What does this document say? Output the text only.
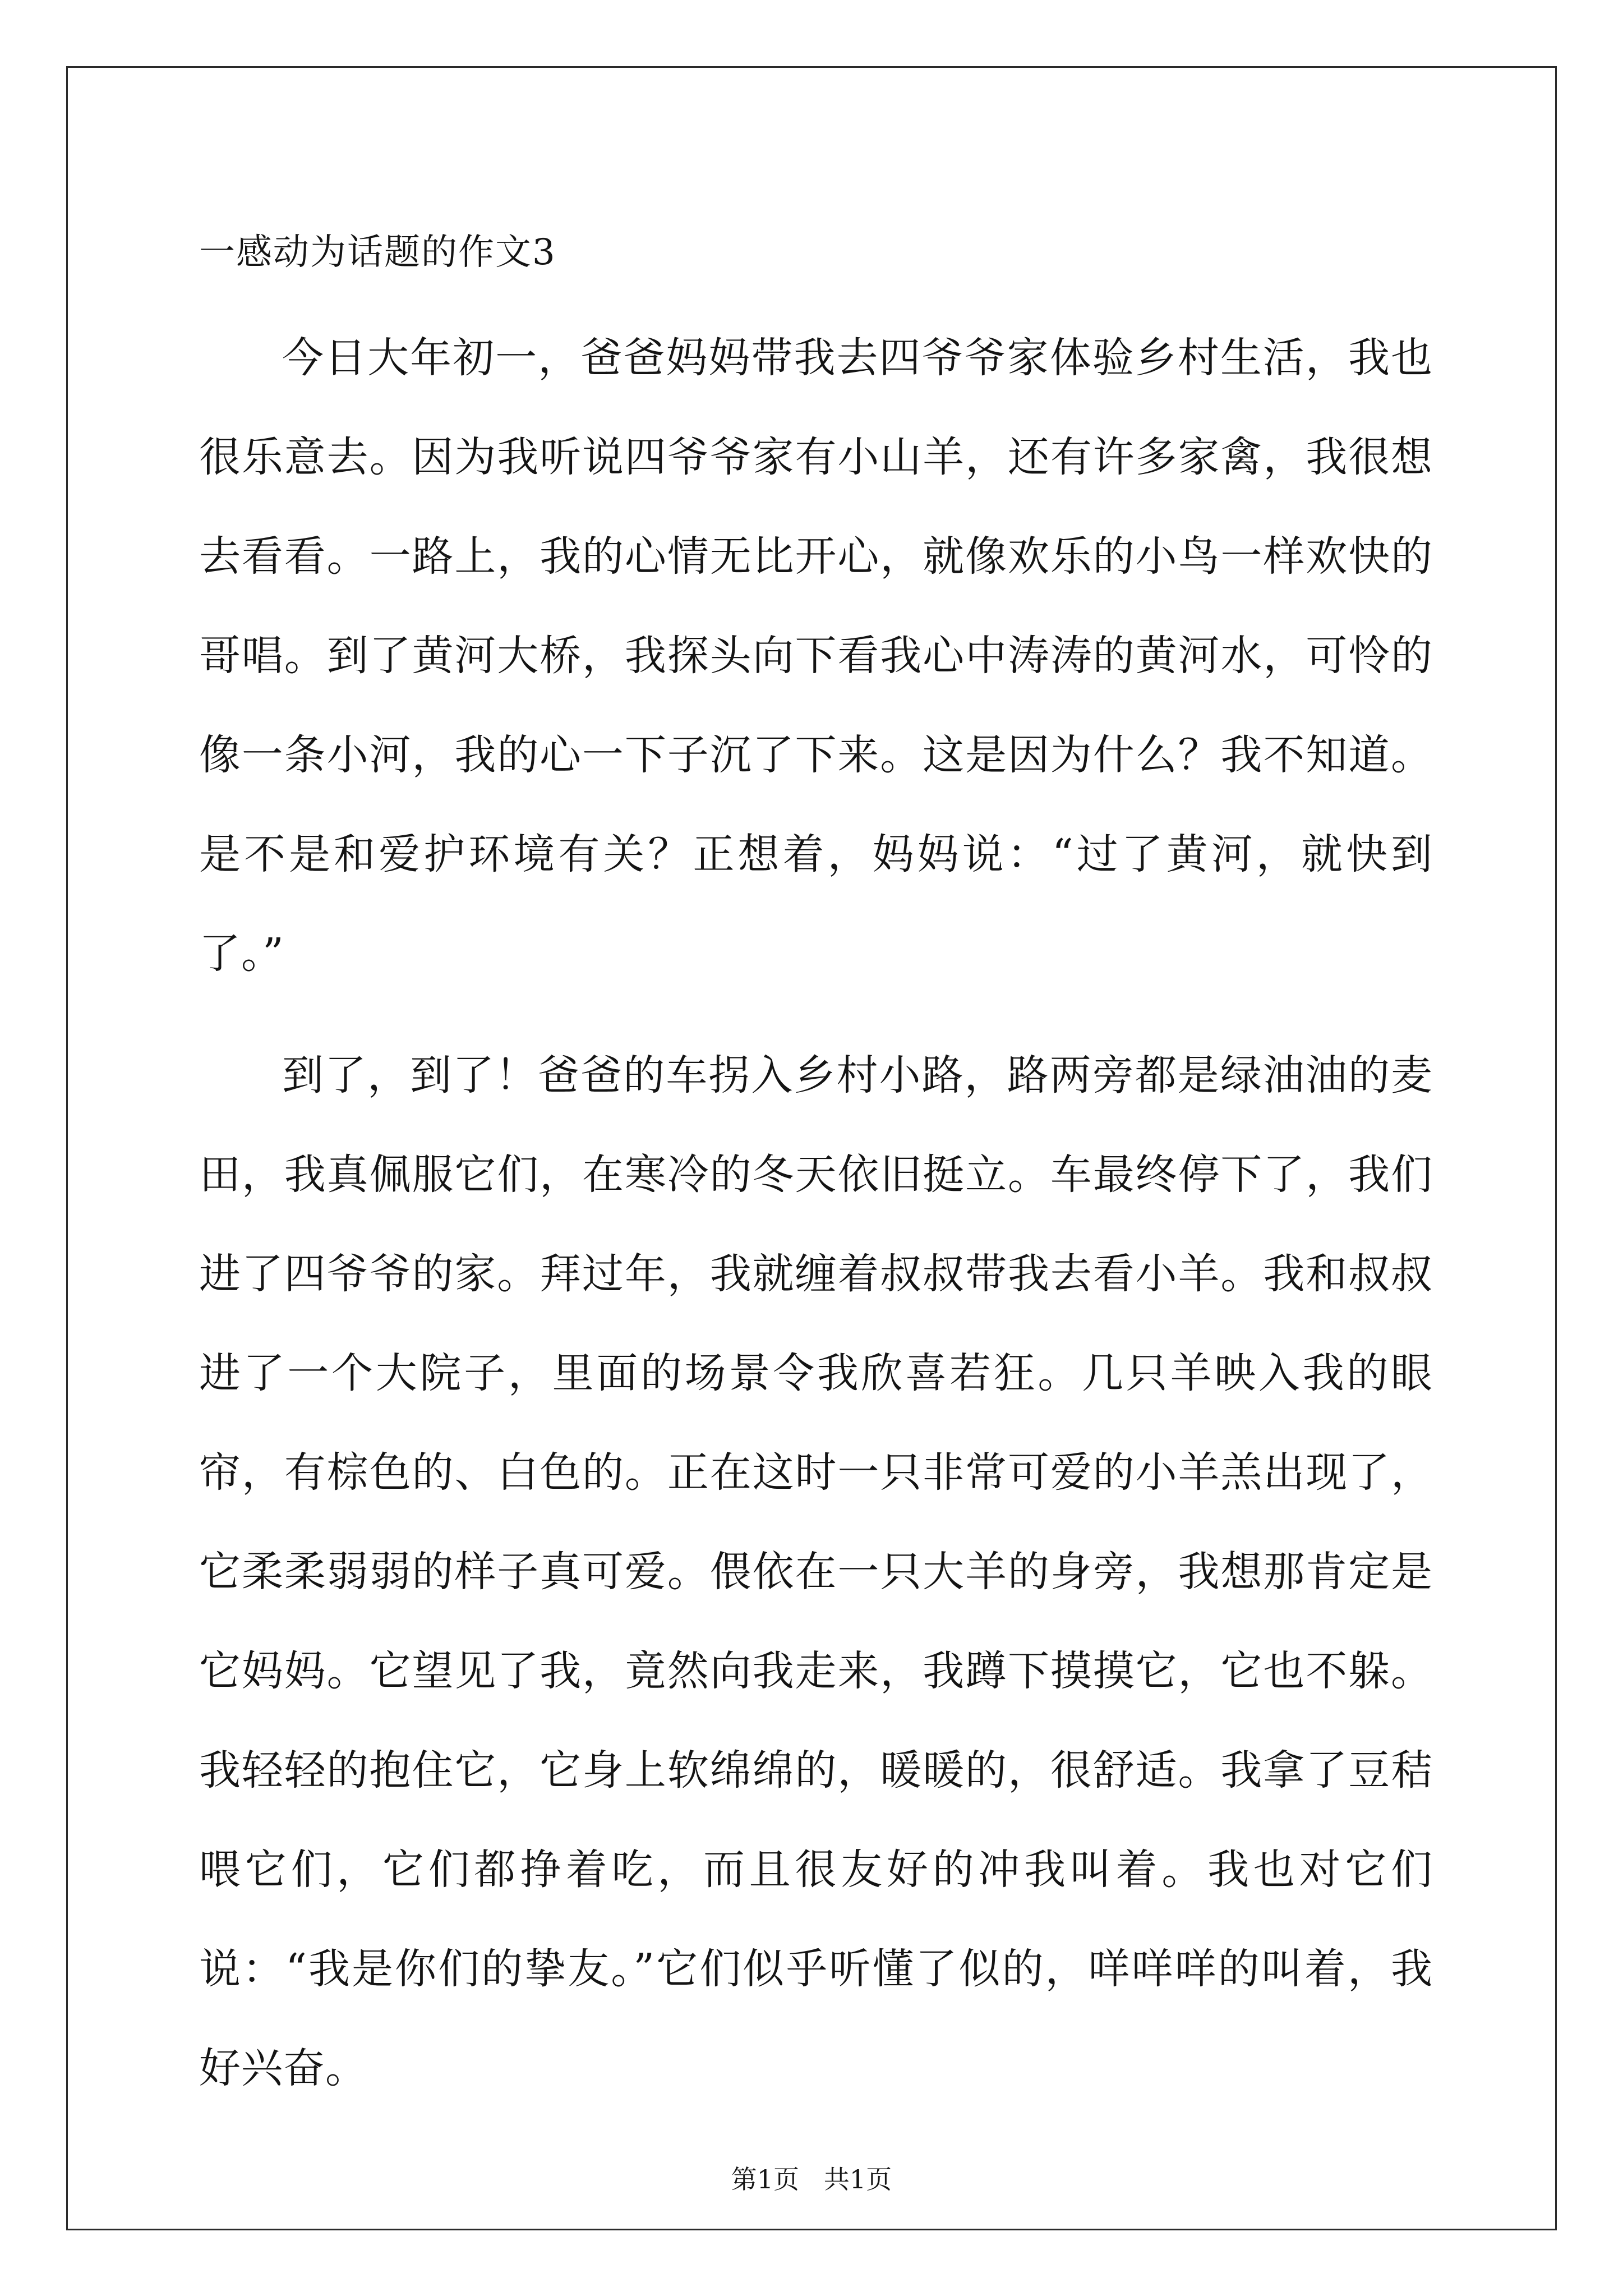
一感动为话题的作文3

今日大年初一，爸爸妈妈带我去四爷爷家体验乡村生活，我也很乐意去。因为我听说四爷爷家有小山羊，还有许多家禽，我很想去看看。一路上，我的心情无比开心，就像欢乐的小鸟一样欢快的哥唱。到了黄河大桥，我探头向下看我心中涛涛的黄河水，可怜的像一条小河，我的心一下子沉了下来。这是因为什么？我不知道。是不是和爱护环境有关？正想着，妈妈说：“过了黄河，就快到了。”

到了，到了！爸爸的车拐入乡村小路，路两旁都是绿油油的麦田，我真佩服它们，在寒冷的冬天依旧挺立。车最终停下了，我们进了四爷爷的家。拜过年，我就缠着叔叔带我去看小羊。我和叔叔进了一个大院子，里面的场景令我欣喜若狂。几只羊映入我的眼帘，有棕色的、白色的。正在这时一只非常可爱的小羊羔出现了，它柔柔弱弱的样子真可爱。偎依在一只大羊的身旁，我想那肯定是它妈妈。它望见了我，竟然向我走来，我蹲下摸摸它，它也不躲。我轻轻的抱住它，它身上软绵绵的，暖暖的，很舒适。我拿了豆秸喂它们，它们都挣着吃，而且很友好的冲我叫着。我也对它们说：“我是你们的挚友。”它们似乎听懂了似的，咩咩咩的叫着，我好兴奋。

第1页   共1页
